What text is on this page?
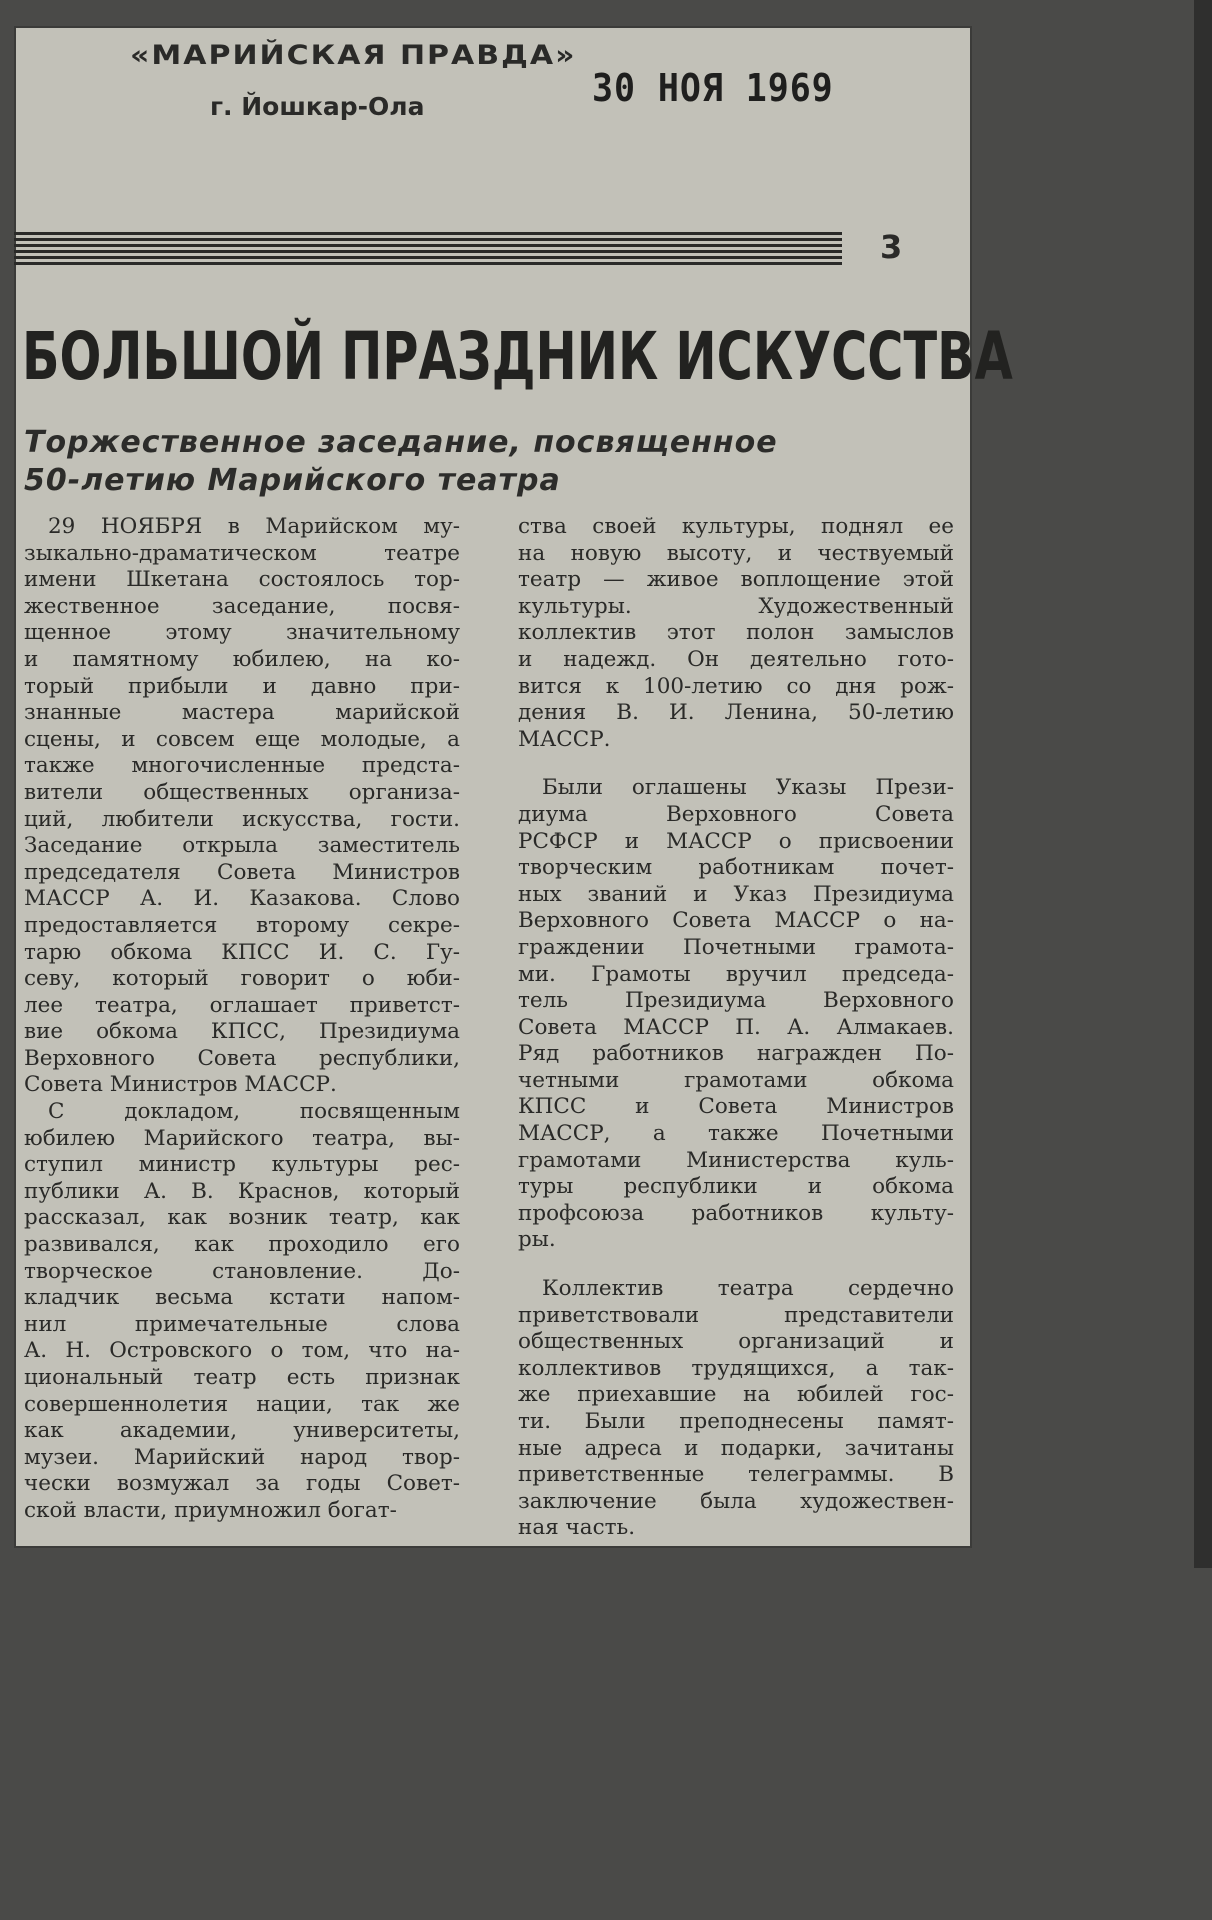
«МАРИЙСКАЯ ПРАВДА»
г. Йошкар-Ола	30 НОЯ 1969
3
БОЛЬШОЙ ПРАЗДНИК ИСКУССТВА
Торжественное заседание, посвященное
50-летию Марийского театра
29 НОЯБРЯ в Марийском му-
зыкально-драматическом театре
имени Шкетана состоялось тор-
жественное заседание, посвя-
щенное этому значительному
и памятному юбилею, на ко-
торый прибыли и давно при-
знанные мастера марийской
сцены, и совсем еще молодые, а
также многочисленные предста-
вители общественных организа-
ций, любители искусства, гости.
Заседание открыла заместитель
председателя Совета Министров
МАССР А. И. Казакова. Слово
предоставляется второму секре-
тарю обкома КПСС И. С. Гу-
севу, который говорит о юби-
лее театра, оглашает приветст-
вие обкома КПСС, Президиума
Верховного Совета республики,
Совета Министров МАССР.
С докладом, посвященным
юбилею Марийского театра, вы-
ступил министр культуры рес-
публики А. В. Краснов, который
рассказал, как возник театр, как
развивался, как проходило его
творческое становление. До-
кладчик весьма кстати напом-
нил примечательные слова
А. Н. Островского о том, что на-
циональный театр есть признак
совершеннолетия нации, так же
как академии, университеты,
музеи. Марийский народ твор-
чески возмужал за годы Совет-
ской власти, приумножил богат-
ства своей культуры, поднял ее
на новую высоту, и чествуемый
театр — живое воплощение этой
культуры. Художественный
коллектив этот полон замыслов
и надежд. Он деятельно гото-
вится к 100-летию со дня рож-
дения В. И. Ленина, 50-летию
МАССР.
Были оглашены Указы Прези-
диума Верховного Совета
РСФСР и МАССР о присвоении
творческим работникам почет-
ных званий и Указ Президиума
Верховного Совета МАССР о на-
граждении Почетными грамота-
ми. Грамоты вручил председа-
тель Президиума Верховного
Совета МАССР П. А. Алмакаев.
Ряд работников награжден По-
четными грамотами обкома
КПСС и Совета Министров
МАССР, а также Почетными
грамотами Министерства куль-
туры республики и обкома
профсоюза работников культу-
ры.
Коллектив театра сердечно
приветствовали представители
общественных организаций и
коллективов трудящихся, а так-
же приехавшие на юбилей гос-
ти. Были преподнесены памят-
ные адреса и подарки, зачитаны
приветственные телеграммы. В
заключение была художествен-
ная часть.
